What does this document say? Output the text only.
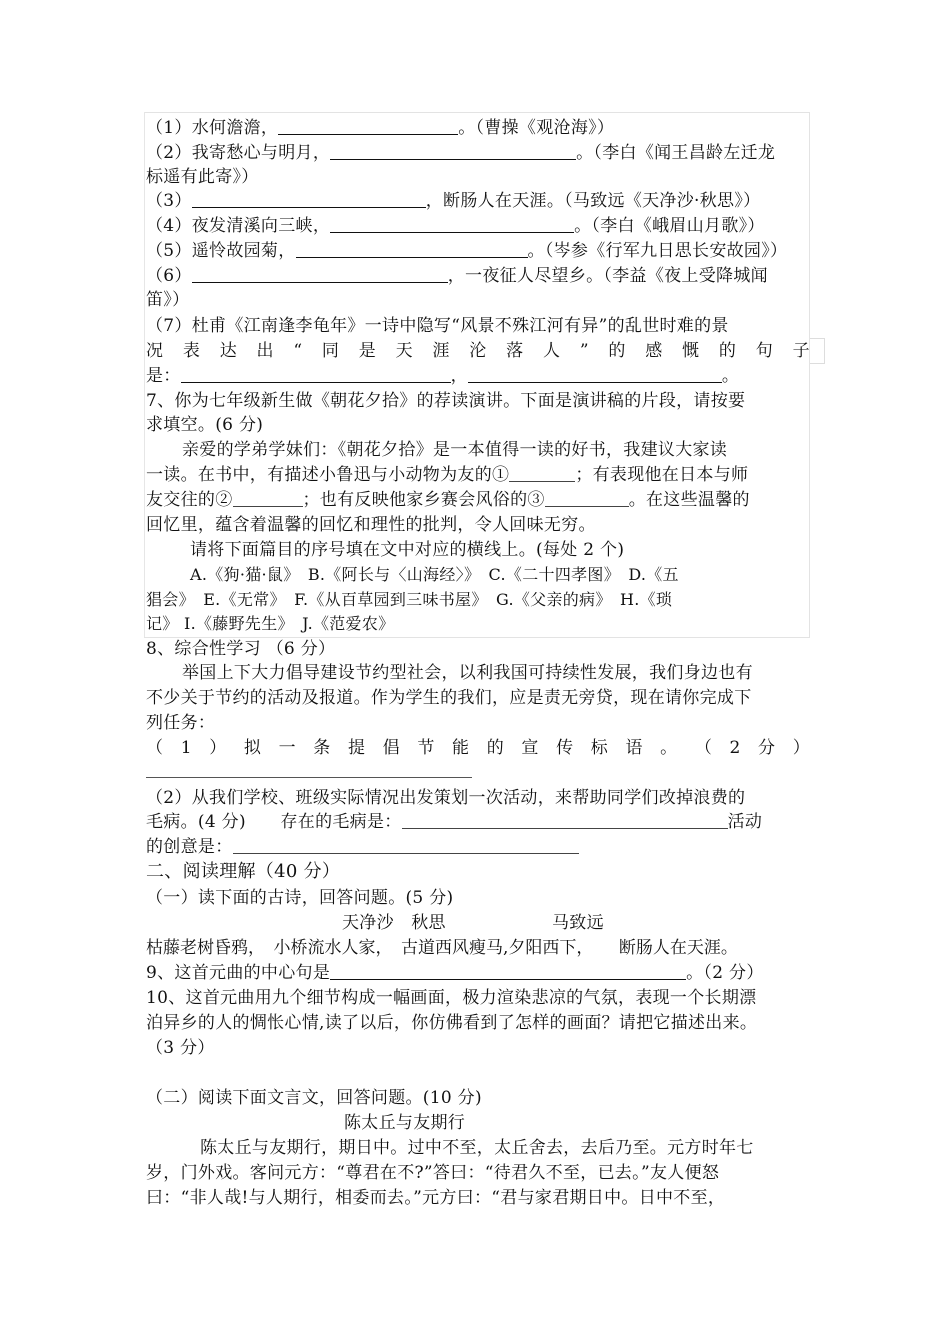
（1）水何澹澹，	。（曹操《观沧海》）
（2）我寄愁心与明月，	。（李白《闻王昌龄左迁龙
标遥有此寄》）
（3）	，断肠人在天涯。（马致远《天净沙·秋思》）
（4）夜发清溪向三峡，	。（李白《峨眉山月歌》）
（5）遥怜故园菊，	。（岑参《行军九日思长安故园》）
（6）	，一夜征人尽望乡。（李益《夜上受降城闻
笛》）
（7）杜甫《江南逢李龟年》一诗中隐写“风景不殊江河有异”的乱世时难的景
况 表 达 出 “ 同 是 天 涯 沦 落 人 ” 的 感 慨 的 句 子
是：	，	。
7、你为七年级新生做《朝花夕拾》的荐读演讲。下面是演讲稿的片段，请按要
求填空。(6 分)
亲爱的学弟学妹们：《朝花夕拾》是一本值得一读的好书，我建议大家读
一读。在书中，有描述小鲁迅与小动物为友的①	；有表现他在日本与师
友交往的②	；也有反映他家乡赛会风俗的③	。在这些温馨的
回忆里，蕴含着温馨的回忆和理性的批判，令人回味无穷。
请将下面篇目的序号填在文中对应的横线上。(每处 2 个)
A.《狗·猫·鼠》　B.《阿长与〈山海经〉》　C.《二十四孝图》　D.《五
猖会》　E.《无常》　F.《从百草园到三味书屋》　G.《父亲的病》　H.《琐
记》 I.《藤野先生》　J.《范爱农》
8、综合性学习 （6 分）
举国上下大力倡导建设节约型社会，以利我国可持续性发展，我们身边也有
不少关于节约的活动及报道。作为学生的我们，应是责无旁贷，现在请你完成下
列任务：
（ 1 ） 拟 一 条 提 倡 节 能 的 宣 传 标 语 。 （ 2 分 ）
（2）从我们学校、班级实际情况出发策划一次活动，来帮助同学们改掉浪费的
毛病。(4 分)　　存在的毛病是：	活动
的创意是：
二、阅读理解（40 分）
（一）读下面的古诗，回答问题。(5 分)
天净沙　秋思	马致远
枯藤老树昏鸦，　小桥流水人家，　古道西风瘦马,夕阳西下，　　断肠人在天涯。
9、这首元曲的中心句是	。（2 分）
10、这首元曲用九个细节构成一幅画面，极力渲染悲凉的气氛，表现一个长期漂
泊异乡的人的惆怅心情,读了以后，你仿佛看到了怎样的画面？请把它描述出来。
（3 分）
（二）阅读下面文言文，回答问题。(10 分)
陈太丘与友期行
陈太丘与友期行，期日中。过中不至，太丘舍去，去后乃至。元方时年七
岁，门外戏。客问元方：“尊君在不?”答曰：“待君久不至，已去。”友人便怒
曰：“非人哉!与人期行，相委而去。”元方曰：“君与家君期日中。日中不至，
